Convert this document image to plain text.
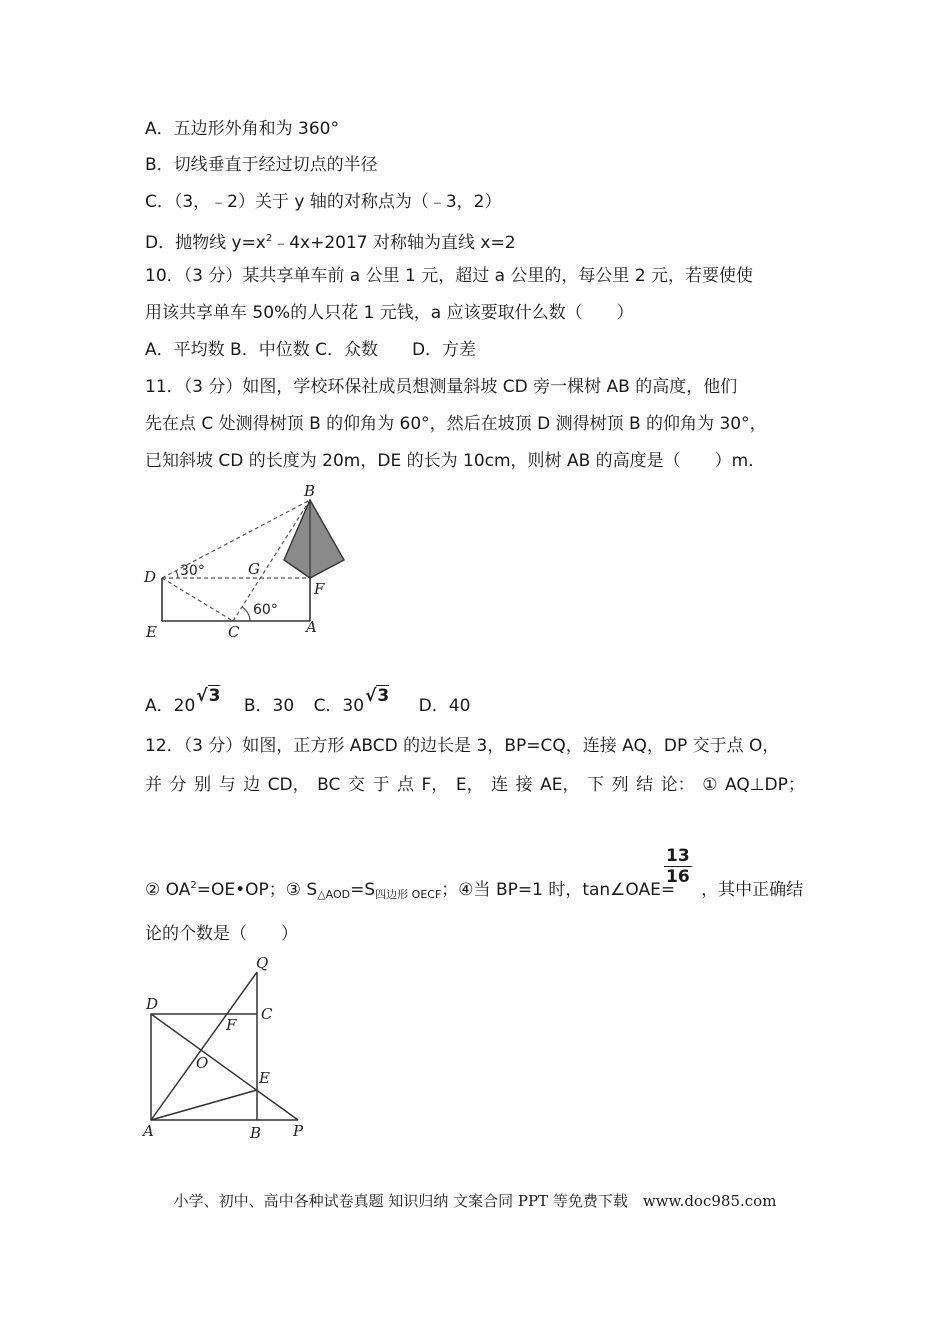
A．五边形外角和为 360°
B．切线垂直于经过切点的半径
C．（3，﹣2）关于 y 轴的对称点为（﹣3，2）
D．抛物线 $y=x^2﹣4x+2017$ 对称轴为直线 x=2
10．（3 分）某共享单车前 a 公里 1 元，超过 a 公里的，每公里 2 元，若要使使
用该共享单车 50%的人只花 1 元钱，a 应该要取什么数（　　）
A．平均数 B．中位数 C．众数　　D．方差
11．（3 分）如图，学校环保社成员想测量斜坡 CD 旁一棵树 AB 的高度，他们
先在点 C 处测得树顶 B 的仰角为 60°，然后在坡顶 D 测得树顶 B 的仰角为 30°，
已知斜坡 CD 的长度为 20m，DE 的长为 10cm，则树 AB 的高度是（　　）m．
B
D	G
F
E	C	A
30°
60°
A．20√3 B．30 C．30√3 D．40
12．（3 分）如图，正方形 ABCD 的边长是 3，BP=CQ，连接 AQ，DP 交于点 O，
并 分 别 与 边 CD， BC 交 于 点 F， E， 连 接 AE， 下 列 结 论： ① AQ⊥DP；
② $OA^2=OE•OP$；③ $S_{\triangle AOD}=S_{四边形 OECF}$；④当 BP=1 时，tan∠OAE= ，其中正确结
$\frac{13}{16}$
论的个数是（　　）
Q
D
C
F
O
E
A	B P
小学、初中、高中各种试卷真题 知识归纳 文案合同 PPT 等免费下载　www.doc985.com
